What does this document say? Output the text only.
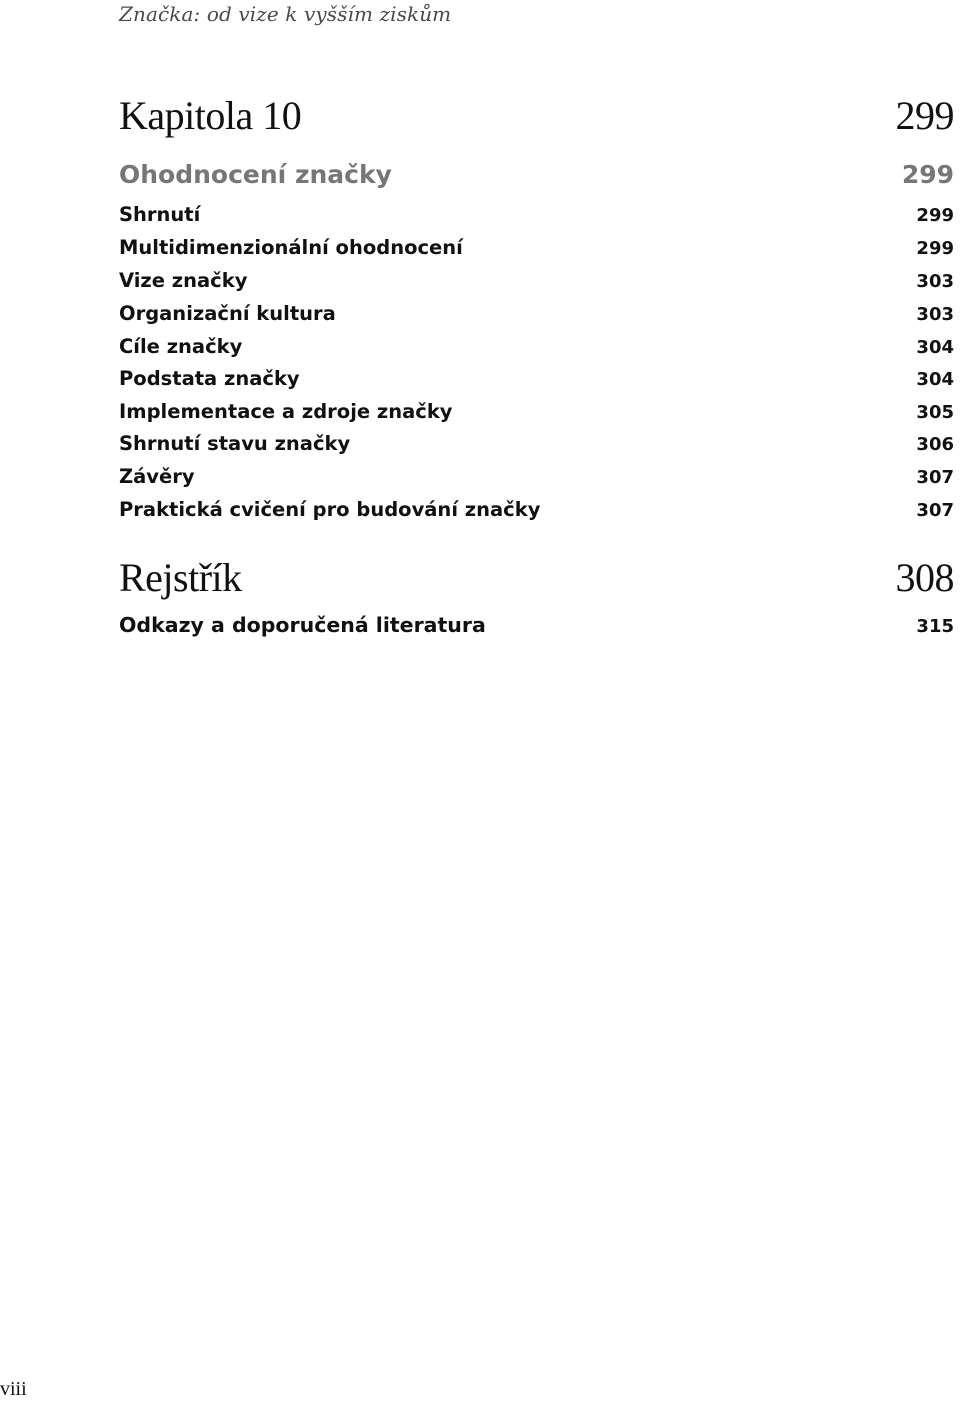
Značka: od vize k vyšším ziskům
Kapitola 10	299
Ohodnocení značky	299
Shrnutí	299
Multidimenzionální ohodnocení	299
Vize značky	303
Organizační kultura	303
Cíle značky	304
Podstata značky	304
Implementace a zdroje značky	305
Shrnutí stavu značky	306
Závěry	307
Praktická cvičení pro budování značky	307
Rejstřík	308
Odkazy a doporučená literatura	315
viii
